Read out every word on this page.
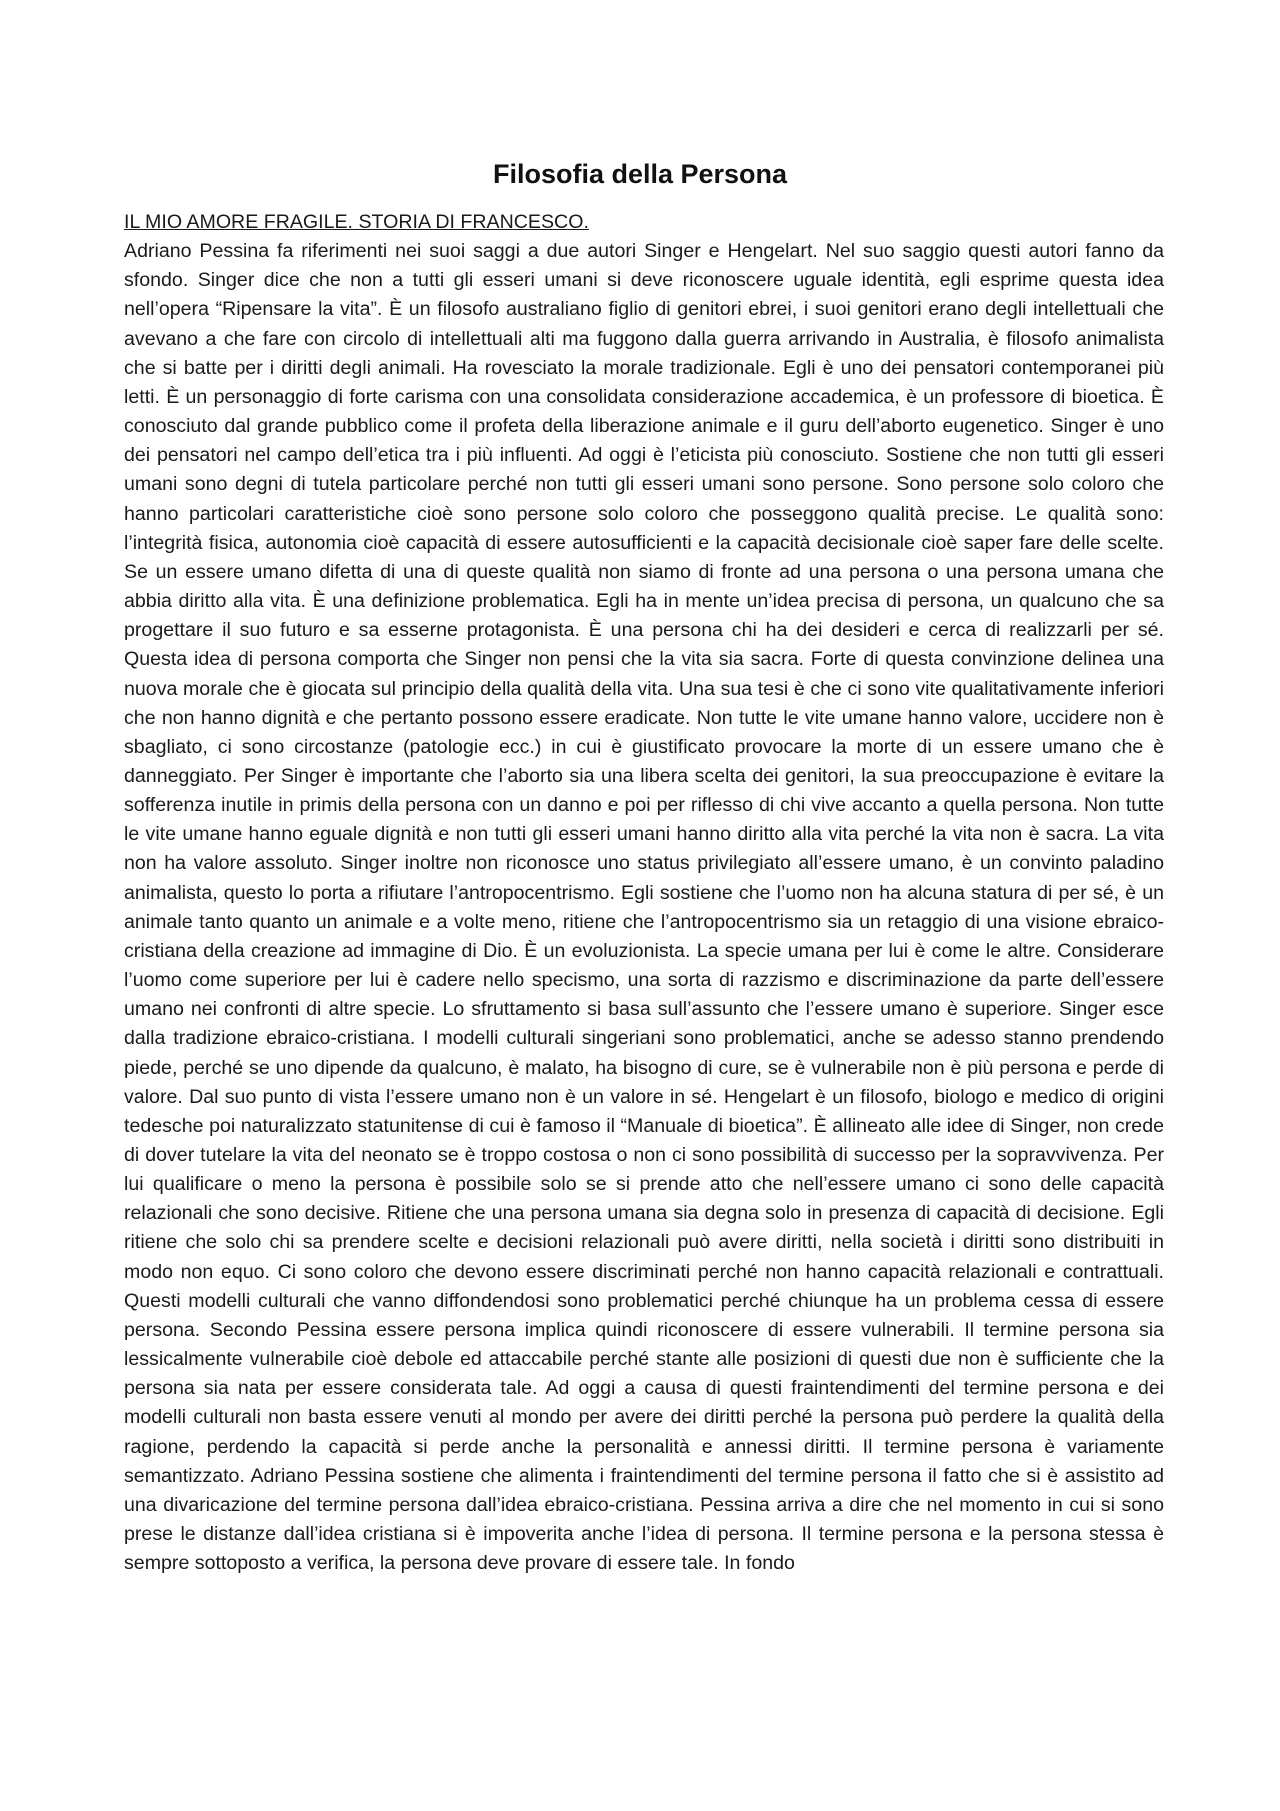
Filosofia della Persona

IL MIO AMORE FRAGILE. STORIA DI FRANCESCO.

Adriano Pessina fa riferimenti nei suoi saggi a due autori Singer e Hengelart. Nel suo saggio questi autori fanno da sfondo. Singer dice che non a tutti gli esseri umani si deve riconoscere uguale identità, egli esprime questa idea nell’opera “Ripensare la vita”. È un filosofo australiano figlio di genitori ebrei, i suoi genitori erano degli intellettuali che avevano a che fare con circolo di intellettuali alti ma fuggono dalla guerra arrivando in Australia, è filosofo animalista che si batte per i diritti degli animali. Ha rovesciato la morale tradizionale. Egli è uno dei pensatori contemporanei più letti. È un personaggio di forte carisma con una consolidata considerazione accademica, è un professore di bioetica. È conosciuto dal grande pubblico come il profeta della liberazione animale e il guru dell’aborto eugenetico. Singer è uno dei pensatori nel campo dell’etica tra i più influenti. Ad oggi è l’eticista più conosciuto. Sostiene che non tutti gli esseri umani sono degni di tutela particolare perché non tutti gli esseri umani sono persone. Sono persone solo coloro che hanno particolari caratteristiche cioè sono persone solo coloro che posseggono qualità precise. Le qualità sono: l’integrità fisica, autonomia cioè capacità di essere autosufficienti e la capacità decisionale cioè saper fare delle scelte. Se un essere umano difetta di una di queste qualità non siamo di fronte ad una persona o una persona umana che abbia diritto alla vita. È una definizione problematica. Egli ha in mente un’idea precisa di persona, un qualcuno che sa progettare il suo futuro e sa esserne protagonista. È una persona chi ha dei desideri e cerca di realizzarli per sé. Questa idea di persona comporta che Singer non pensi che la vita sia sacra. Forte di questa convinzione delinea una nuova morale che è giocata sul principio della qualità della vita. Una sua tesi è che ci sono vite qualitativamente inferiori che non hanno dignità e che pertanto possono essere eradicate. Non tutte le vite umane hanno valore, uccidere non è sbagliato, ci sono circostanze (patologie ecc.) in cui è giustificato provocare la morte di un essere umano che è danneggiato. Per Singer è importante che l’aborto sia una libera scelta dei genitori, la sua preoccupazione è evitare la sofferenza inutile in primis della persona con un danno e poi per riflesso di chi vive accanto a quella persona. Non tutte le vite umane hanno eguale dignità e non tutti gli esseri umani hanno diritto alla vita perché la vita non è sacra. La vita non ha valore assoluto. Singer inoltre non riconosce uno status privilegiato all’essere umano, è un convinto paladino animalista, questo lo porta a rifiutare l’antropocentrismo. Egli sostiene che l’uomo non ha alcuna statura di per sé, è un animale tanto quanto un animale e a volte meno, ritiene che l’antropocentrismo sia un retaggio di una visione ebraico-cristiana della creazione ad immagine di Dio. È un evoluzionista. La specie umana per lui è come le altre. Considerare l’uomo come superiore per lui è cadere nello specismo, una sorta di razzismo e discriminazione da parte dell’essere umano nei confronti di altre specie. Lo sfruttamento si basa sull’assunto che l’essere umano è superiore. Singer esce dalla tradizione ebraico-cristiana. I modelli culturali singeriani sono problematici, anche se adesso stanno prendendo piede, perché se uno dipende da qualcuno, è malato, ha bisogno di cure, se è vulnerabile non è più persona e perde di valore. Dal suo punto di vista l’essere umano non è un valore in sé. Hengelart è un filosofo, biologo e medico di origini tedesche poi naturalizzato statunitense di cui è famoso il “Manuale di bioetica”. È allineato alle idee di Singer, non crede di dover tutelare la vita del neonato se è troppo costosa o non ci sono possibilità di successo per la sopravvivenza. Per lui qualificare o meno la persona è possibile solo se si prende atto che nell’essere umano ci sono delle capacità relazionali che sono decisive. Ritiene che una persona umana sia degna solo in presenza di capacità di decisione. Egli ritiene che solo chi sa prendere scelte e decisioni relazionali può avere diritti, nella società i diritti sono distribuiti in modo non equo. Ci sono coloro che devono essere discriminati perché non hanno capacità relazionali e contrattuali. Questi modelli culturali che vanno diffondendosi sono problematici perché chiunque ha un problema cessa di essere persona. Secondo Pessina essere persona implica quindi riconoscere di essere vulnerabili. Il termine persona sia lessicalmente vulnerabile cioè debole ed attaccabile perché stante alle posizioni di questi due non è sufficiente che la persona sia nata per essere considerata tale. Ad oggi a causa di questi fraintendimenti del termine persona e dei modelli culturali non basta essere venuti al mondo per avere dei diritti perché la persona può perdere la qualità della ragione, perdendo la capacità si perde anche la personalità e annessi diritti. Il termine persona è variamente semantizzato. Adriano Pessina sostiene che alimenta i fraintendimenti del termine persona il fatto che si è assistito ad una divaricazione del termine persona dall’idea ebraico-cristiana. Pessina arriva a dire che nel momento in cui si sono prese le distanze dall’idea cristiana si è impoverita anche l’idea di persona. Il termine persona e la persona stessa è sempre sottoposto a verifica, la persona deve provare di essere tale. In fondo
